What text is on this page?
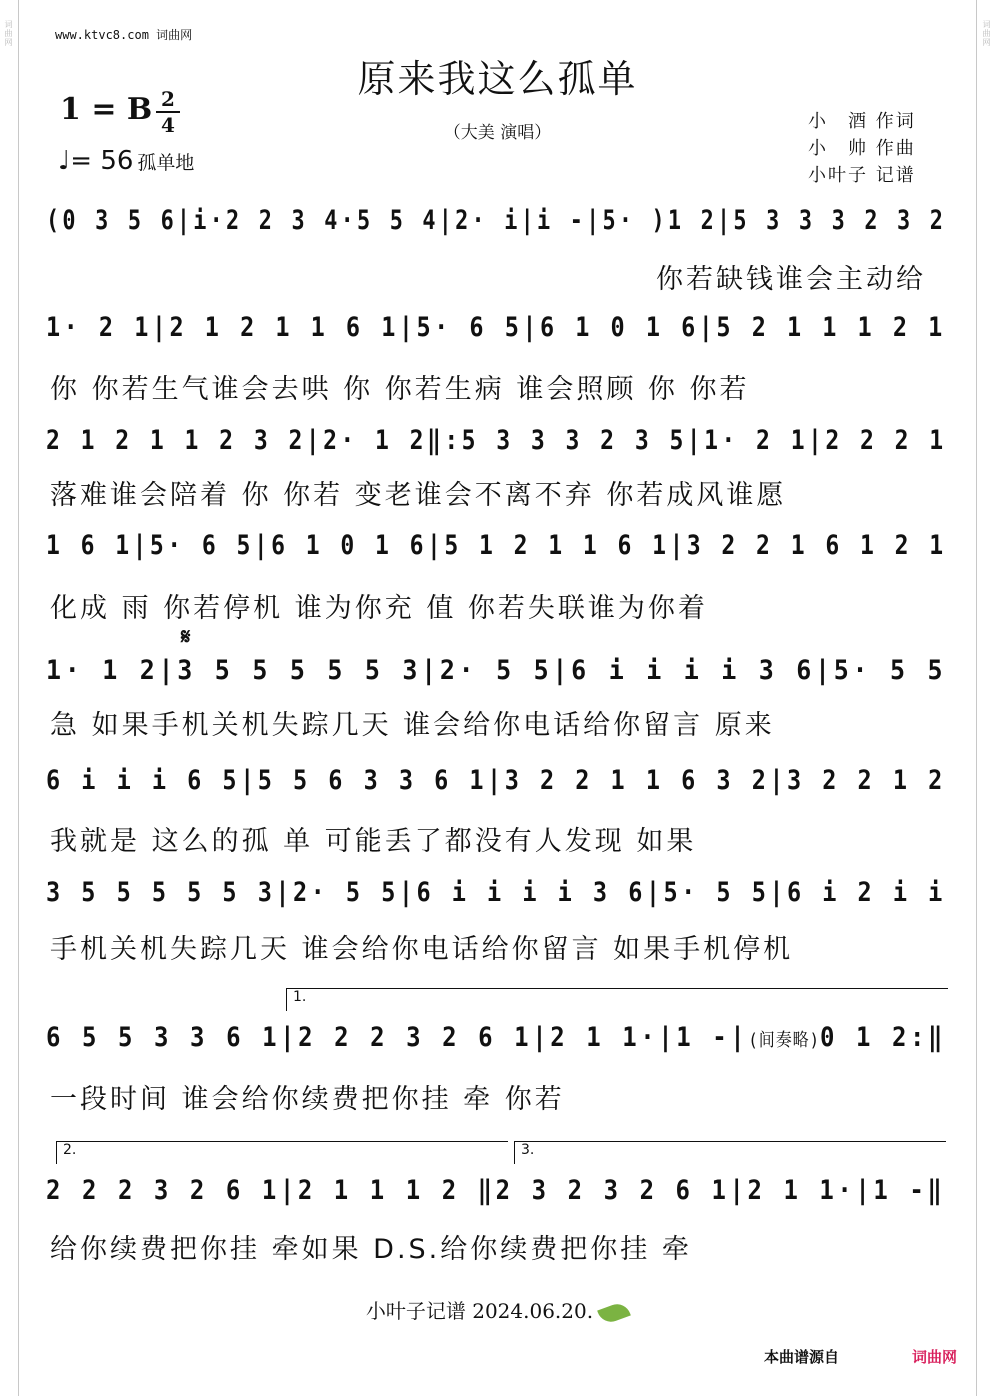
词曲网	词曲网
www.ktvc8.com 词曲网
原来我这么孤单
（大美 演唱）
1 = B 2
4
♩= 56 孤单地
小　酒 作词
小　帅 作曲
小叶子 记谱
(0 3 5 6|i·2 2 3 4·5 5 4|2· i|i -|5· )1 2|5 3 3 3 2 3 2
你若缺钱谁会主动给
1· 2 1|2 1 2 1 1 6 1|5· 6 5|6 1 0 1 6|5 2 1 1 1 2 1
你 你若生气谁会去哄 你 你若生病 谁会照顾 你 你若
2 1 2 1 1 2 3 2|2· 1 2‖:5 3 3 3 2 3 5|1· 2 1|2 2 2 1
落难谁会陪着 你 你若 变老谁会不离不弃 你若成风谁愿
1 6 1|5· 6 5|6 1 0 1 6|5 1 2 1 1 6 1|3 2 2 1 6 1 2 1
化成 雨 你若停机 谁为你充 值 你若失联谁为你着
𝄋
1· 1 2|3 5 5 5 5 5 3|2· 5 5|6 i i i i 3 6|5· 5 5
急 如果手机关机失踪几天 谁会给你电话给你留言 原来
6 i i i 6 5|5 5 6 3 3 6 1|3 2 2 1 1 6 3 2|3 2 2 1 2
我就是 这么的孤 单 可能丢了都没有人发现 如果
3 5 5 5 5 5 3|2· 5 5|6 i i i i 3 6|5· 5 5|6 i 2 i i
手机关机失踪几天 谁会给你电话给你留言 如果手机停机
1.
6 5 5 3 3 6 1|2 2 2 3 2 6 1|2 1 1·|1 -|(间奏略)0 1 2:‖
一段时间 谁会给你续费把你挂 牵 你若
2.	3.
2 2 2 3 2 6 1|2 1 1 1 2 ‖2 3 2 3 2 6 1|2 1 1·|1 -‖
给你续费把你挂 牵如果 D.S.给你续费把你挂 牵
小叶子记谱 2024.06.20.
本曲谱源自	词曲网
